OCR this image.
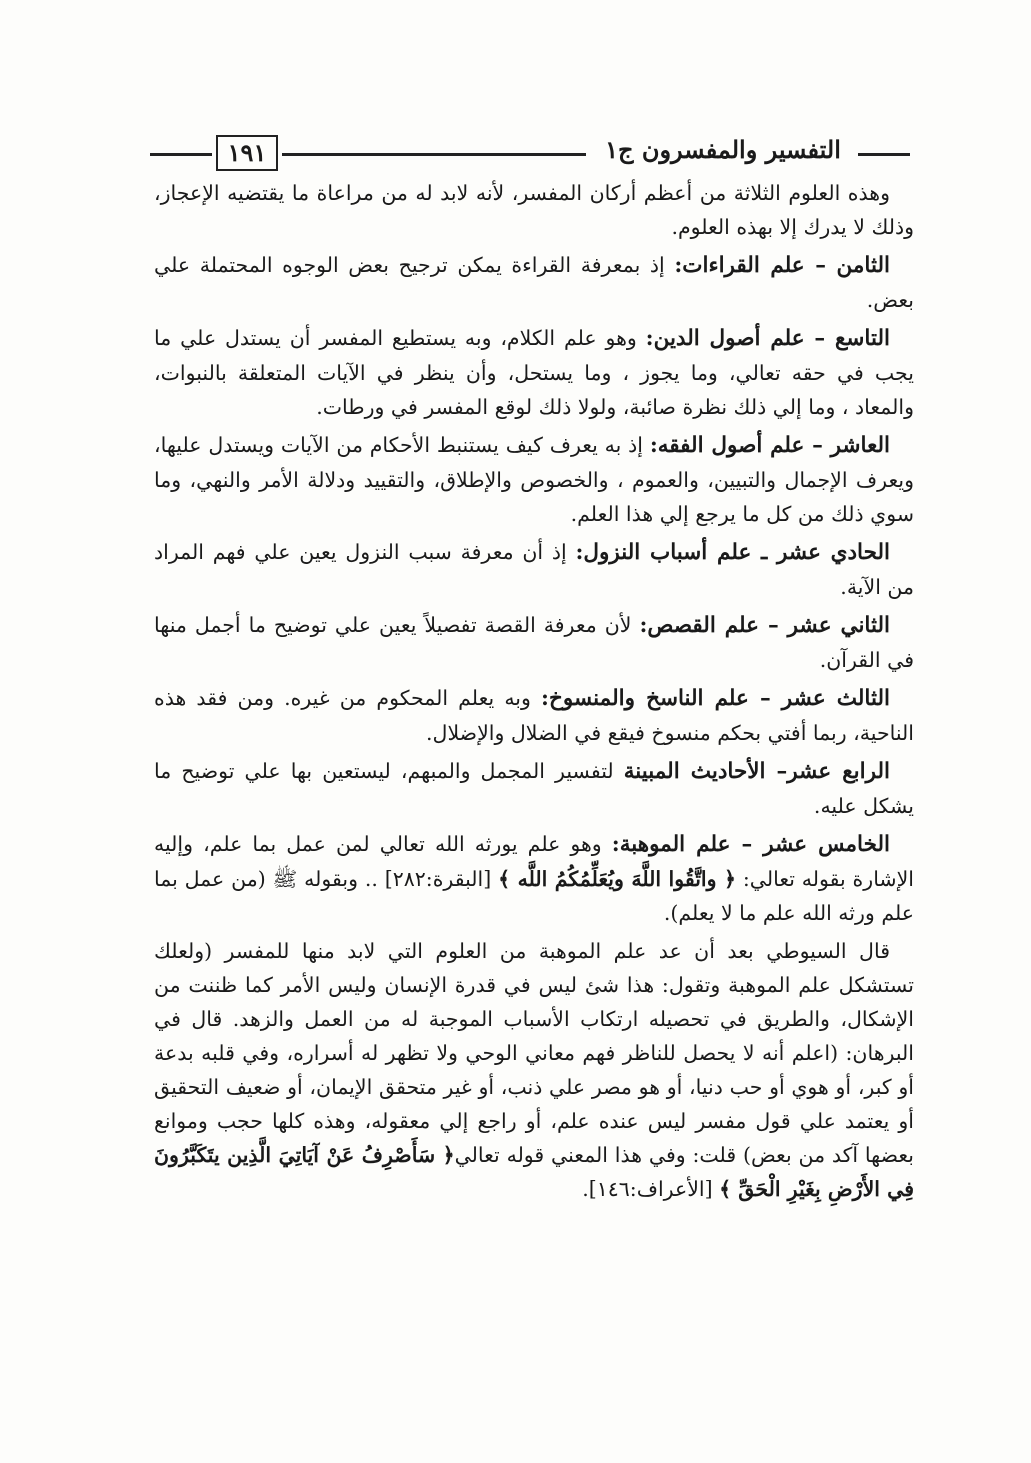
١٩١	التفسير والمفسرون ج١

وهذه العلوم الثلاثة من أعظم أركان المفسر، لأنه لابد له من مراعاة ما يقتضيه الإعجاز، وذلك لا يدرك إلا بهذه العلوم.

الثامن – علم القراءات: إذ بمعرفة القراءة يمكن ترجيح بعض الوجوه المحتملة علي بعض.

التاسع – علم أصول الدين: وهو علم الكلام، وبه يستطيع المفسر أن يستدل علي ما يجب في حقه تعالي، وما يجوز ، وما يستحل، وأن ينظر في الآيات المتعلقة بالنبوات، والمعاد ، وما إلي ذلك نظرة صائبة، ولولا ذلك لوقع المفسر في ورطات.

العاشر – علم أصول الفقه: إذ به يعرف كيف يستنبط الأحكام من الآيات ويستدل عليها، ويعرف الإجمال والتبيين، والعموم ، والخصوص والإطلاق، والتقييد ودلالة الأمر والنهي، وما سوي ذلك من كل ما يرجع إلي هذا العلم.

الحادي عشر ـ علم أسباب النزول: إذ أن معرفة سبب النزول يعين علي فهم المراد من الآية.

الثاني عشر – علم القصص: لأن معرفة القصة تفصيلاً يعين علي توضيح ما أجمل منها في القرآن.

الثالث عشر – علم الناسخ والمنسوخ: وبه يعلم المحكوم من غيره. ومن فقد هذه الناحية، ربما أفتي بحكم منسوخ فيقع في الضلال والإضلال.

الرابع عشر– الأحاديث المبينة لتفسير المجمل والمبهم، ليستعين بها علي توضيح ما يشكل عليه.

الخامس عشر – علم الموهبة: وهو علم يورثه الله تعالي لمن عمل بما علم، وإليه الإشارة بقوله تعالي: ﴿ واتَّقُوا اللَّهَ ويُعَلِّمُكُمُ اللَّه ﴾ [البقرة:٢٨٢] .. وبقوله ﷺ (من عمل بما علم ورثه الله علم ما لا يعلم).

قال السيوطي بعد أن عد علم الموهبة من العلوم التي لابد منها للمفسر (ولعلك تستشكل علم الموهبة وتقول: هذا شئ ليس في قدرة الإنسان وليس الأمر كما ظننت من الإشكال، والطريق في تحصيله ارتكاب الأسباب الموجبة له من العمل والزهد. قال في البرهان: (اعلم أنه لا يحصل للناظر فهم معاني الوحي ولا تظهر له أسراره، وفي قلبه بدعة أو كبر، أو هوي أو حب دنيا، أو هو مصر علي ذنب، أو غير متحقق الإيمان، أو ضعيف التحقيق أو يعتمد علي قول مفسر ليس عنده علم، أو راجع إلي معقوله، وهذه كلها حجب وموانع بعضها آكد من بعض) قلت: وفي هذا المعني قوله تعالي﴿ سَأَصْرِفُ عَنْ آيَاتِيَ الَّذِين يتَكَبَّرُونَ فِي الأَرْضِ بِغَيْرِ الْحَقِّ ﴾ [الأعراف:١٤٦].
